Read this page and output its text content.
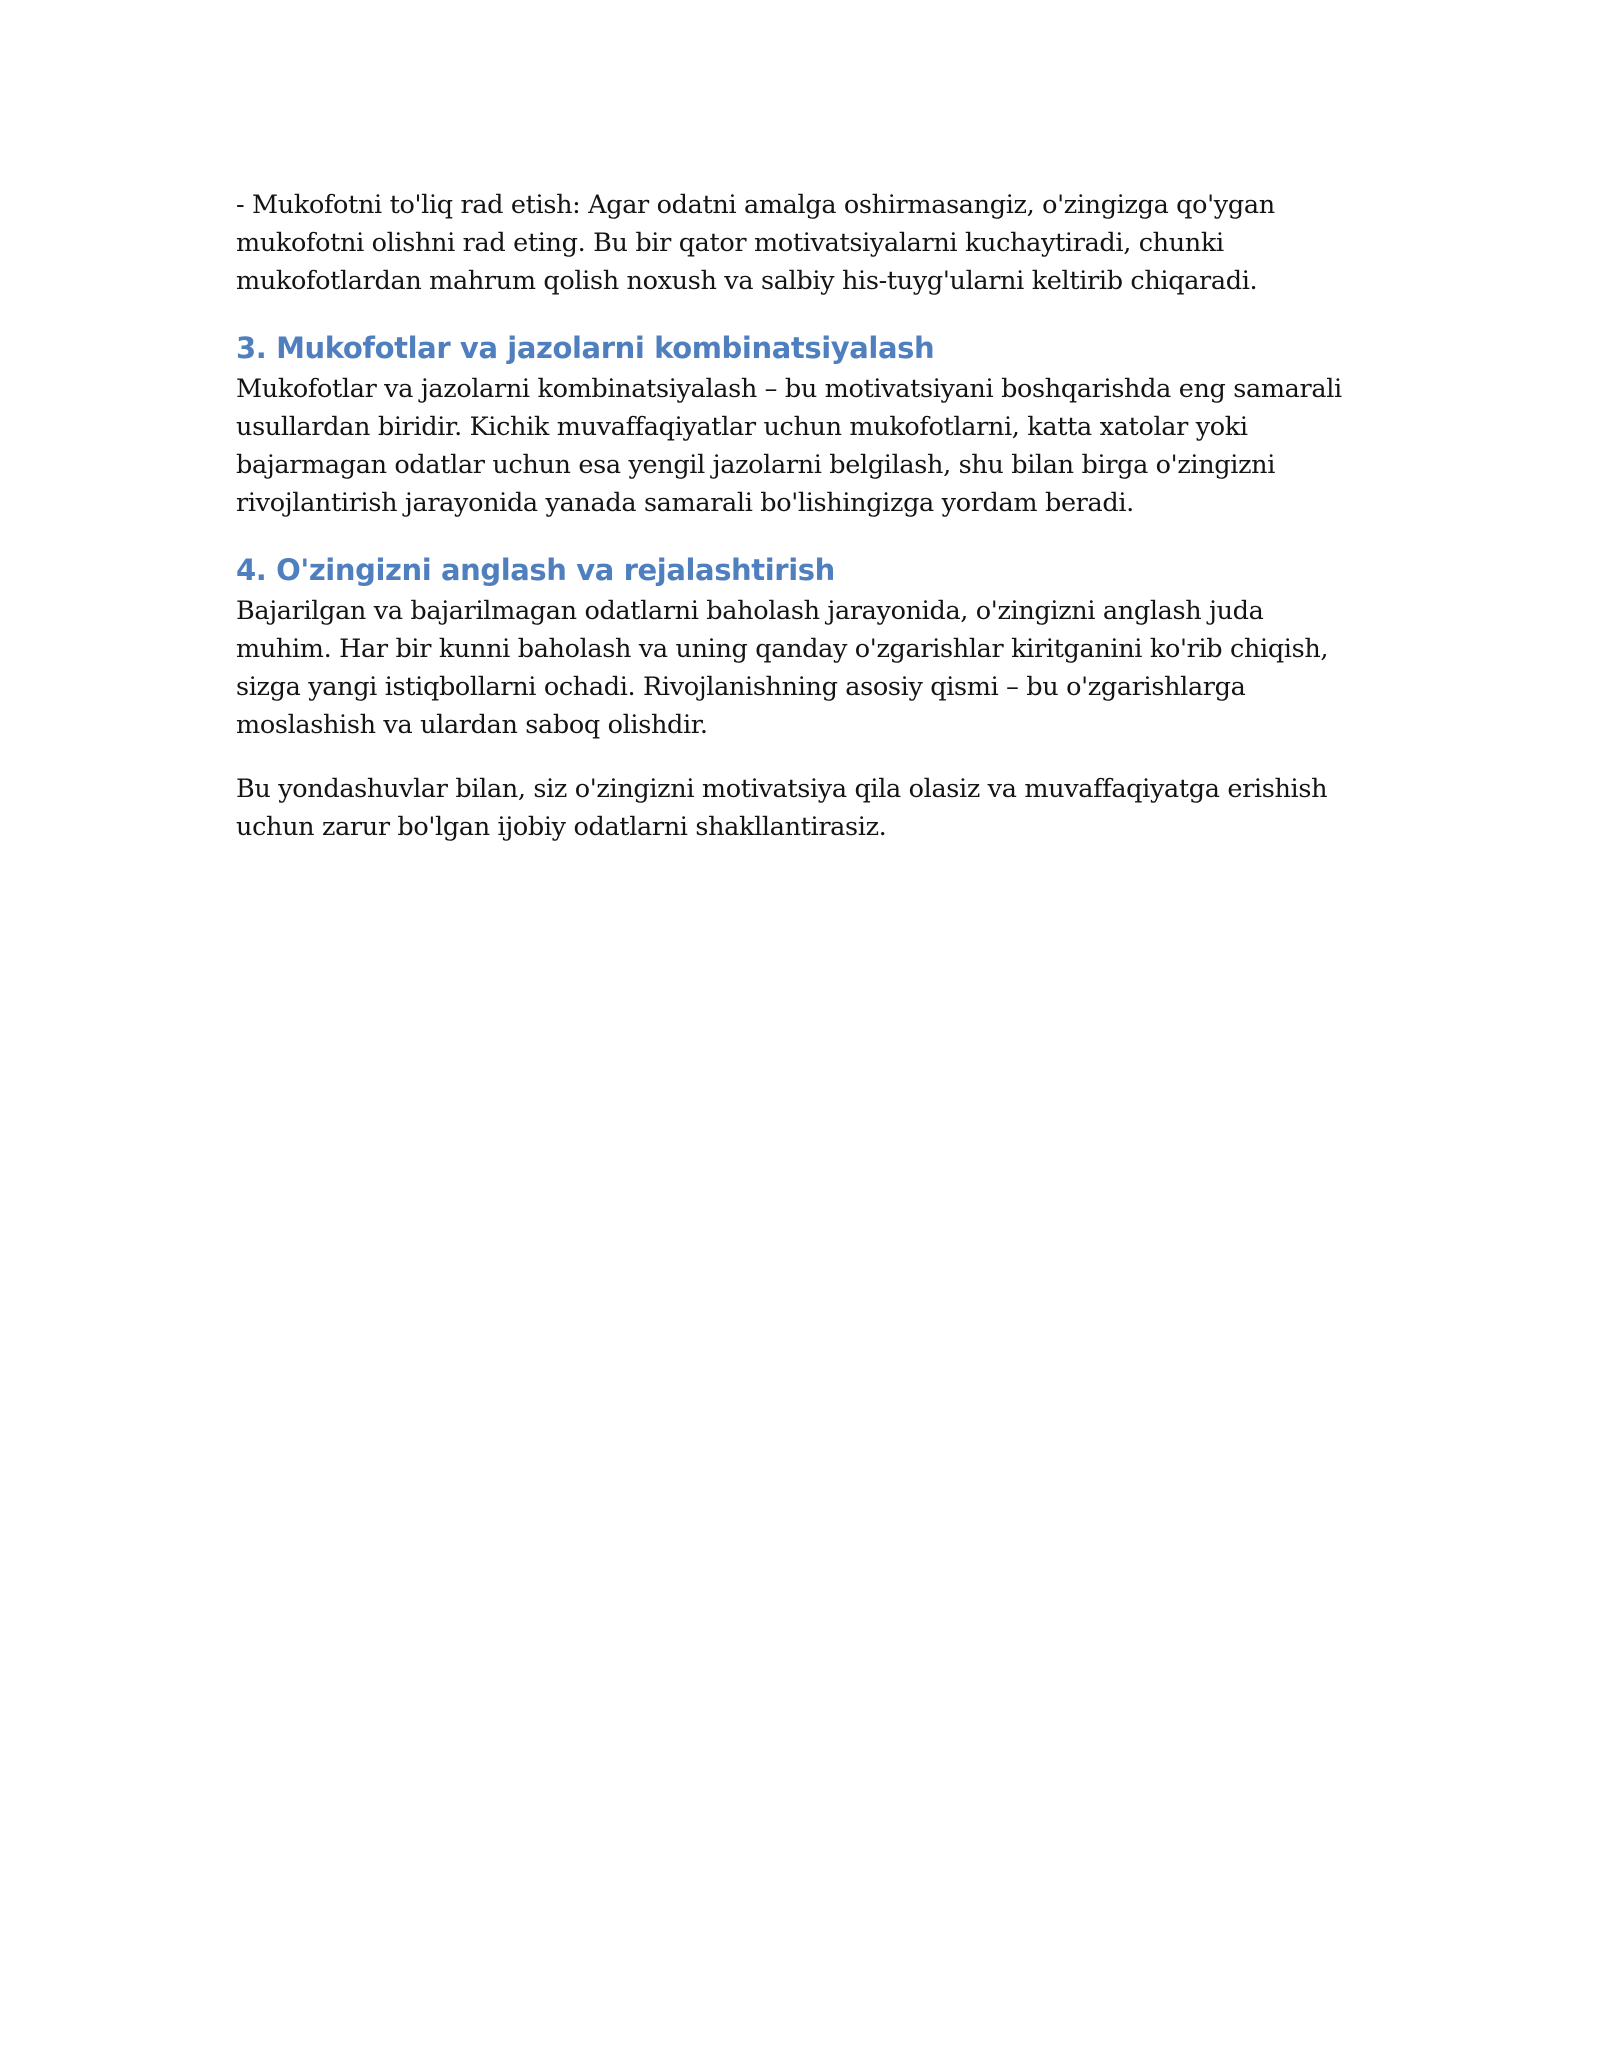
- Mukofotni to'liq rad etish: Agar odatni amalga oshirmasangiz, o'zingizga qo'ygan mukofotni olishni rad eting. Bu bir qator motivatsiyalarni kuchaytiradi, chunki mukofotlardan mahrum qolish noxush va salbiy his-tuyg'ularni keltirib chiqaradi.

3. Mukofotlar va jazolarni kombinatsiyalash

Mukofotlar va jazolarni kombinatsiyalash – bu motivatsiyani boshqarishda eng samarali usullardan biridir. Kichik muvaffaqiyatlar uchun mukofotlarni, katta xatolar yoki bajarmagan odatlar uchun esa yengil jazolarni belgilash, shu bilan birga o'zingizni rivojlantirish jarayonida yanada samarali bo'lishingizga yordam beradi.

4. O'zingizni anglash va rejalashtirish

Bajarilgan va bajarilmagan odatlarni baholash jarayonida, o'zingizni anglash juda muhim. Har bir kunni baholash va uning qanday o'zgarishlar kiritganini ko'rib chiqish, sizga yangi istiqbollarni ochadi. Rivojlanishning asosiy qismi – bu o'zgarishlarga moslashish va ulardan saboq olishdir.

Bu yondashuvlar bilan, siz o'zingizni motivatsiya qila olasiz va muvaffaqiyatga erishish uchun zarur bo'lgan ijobiy odatlarni shakllantirasiz.
